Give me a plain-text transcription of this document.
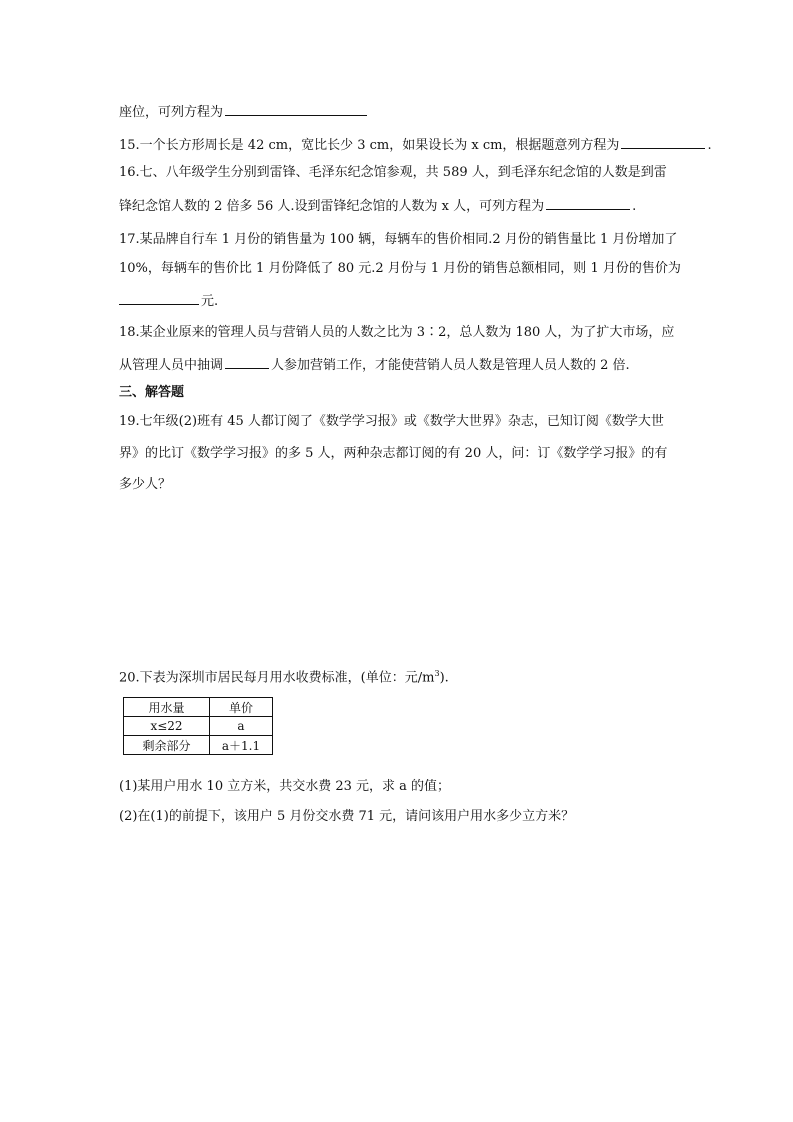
座位，可列方程为
15.一个长方形周长是 42 cm，宽比长少 3 cm，如果设长为 x cm，根据题意列方程为	.
16.七、八年级学生分别到雷锋、毛泽东纪念馆参观，共 589 人，到毛泽东纪念馆的人数是到雷
锋纪念馆人数的 2 倍多 56 人.设到雷锋纪念馆的人数为 x 人，可列方程为	.
17.某品牌自行车 1 月份的销售量为 100 辆，每辆车的售价相同.2 月份的销售量比 1 月份增加了
10%，每辆车的售价比 1 月份降低了 80 元.2 月份与 1 月份的销售总额相同，则 1 月份的售价为
元.
18.某企业原来的管理人员与营销人员的人数之比为 3∶2，总人数为 180 人，为了扩大市场，应
从管理人员中抽调	人参加营销工作，才能使营销人员人数是管理人员人数的 2 倍.
三、解答题
19.七年级(2)班有 45 人都订阅了《数学学习报》或《数学大世界》杂志，已知订阅《数学大世
界》的比订《数学学习报》的多 5 人，两种杂志都订阅的有 20 人，问：订《数学学习报》的有
多少人？
20.下表为深圳市居民每月用水收费标准，(单位：元$/m^3$).
用水量	单价
x≤22	a
剩余部分	a＋1.1
(1)某用户用水 10 立方米，共交水费 23 元，求 a 的值；
(2)在(1)的前提下，该用户 5 月份交水费 71 元，请问该用户用水多少立方米？
